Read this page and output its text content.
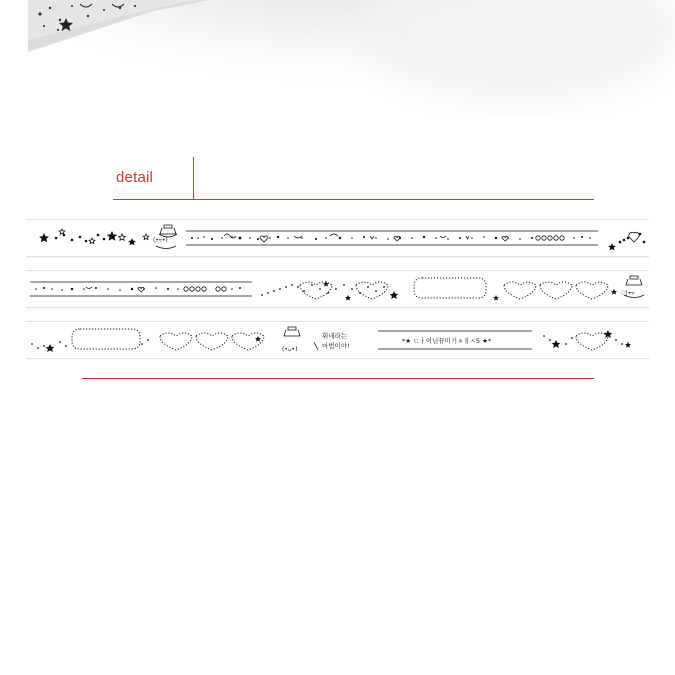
detail
(•▿•)
♡(•▿
(•ᴗ•)
휘네라는
마법이야!
*★ ㄷㅏ이닌뀨미기ㅊㅐㅅ5 ★*
